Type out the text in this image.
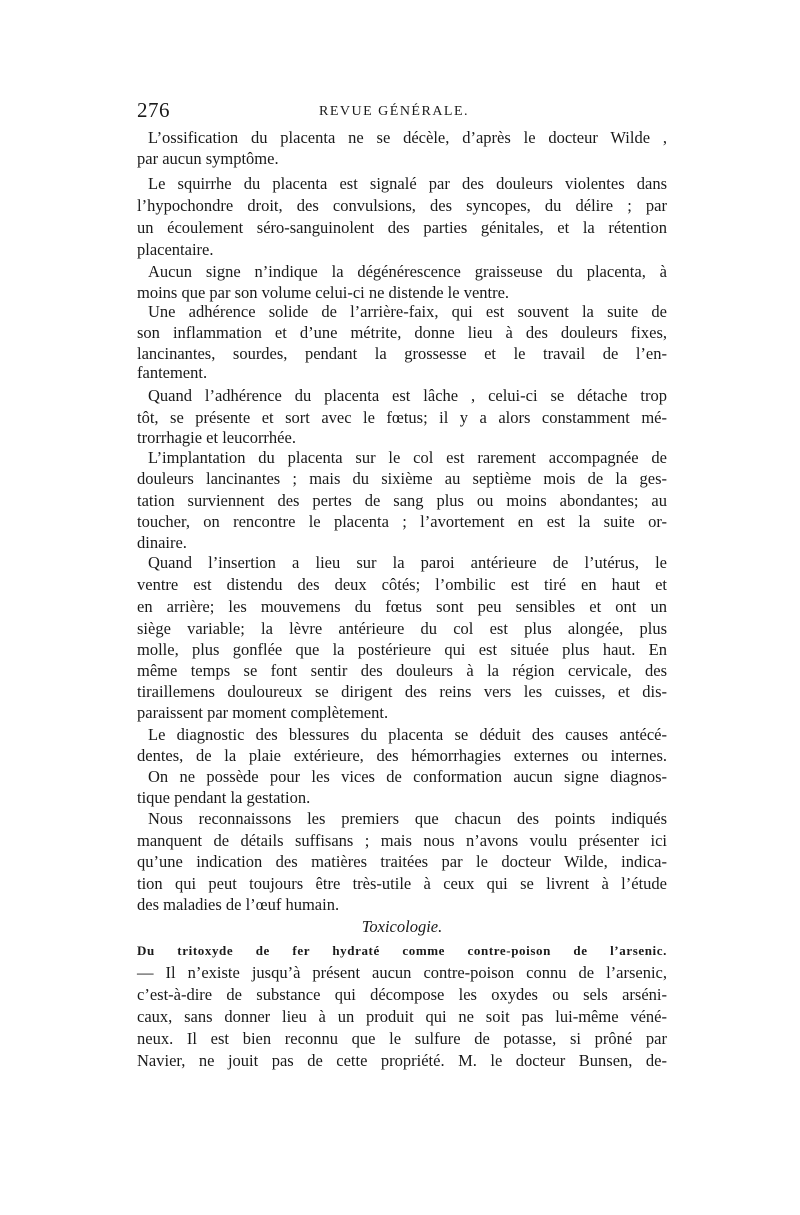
276	REVUE GÉNÉRALE.
L’ossification du placenta ne se décèle, d’après le docteur Wilde ,
par aucun symptôme.
Le squirrhe du placenta est signalé par des douleurs violentes dans
l’hypochondre droit, des convulsions, des syncopes, du délire ; par
un écoulement séro-sanguinolent des parties génitales, et la rétention
placentaire.
Aucun signe n’indique la dégénérescence graisseuse du placenta, à
moins que par son volume celui-ci ne distende le ventre.
Une adhérence solide de l’arrière-faix, qui est souvent la suite de
son inflammation et d’une métrite, donne lieu à des douleurs fixes,
lancinantes, sourdes, pendant la grossesse et le travail de l’en-
fantement.
Quand l’adhérence du placenta est lâche , celui-ci se détache trop
tôt, se présente et sort avec le fœtus; il y a alors constamment mé-
trorrhagie et leucorrhée.
L’implantation du placenta sur le col est rarement accompagnée de
douleurs lancinantes ; mais du sixième au septième mois de la ges-
tation surviennent des pertes de sang plus ou moins abondantes; au
toucher, on rencontre le placenta ; l’avortement en est la suite or-
dinaire.
Quand l’insertion a lieu sur la paroi antérieure de l’utérus, le
ventre est distendu des deux côtés; l’ombilic est tiré en haut et
en arrière; les mouvemens du fœtus sont peu sensibles et ont un
siège variable; la lèvre antérieure du col est plus alongée, plus
molle, plus gonflée que la postérieure qui est située plus haut. En
même temps se font sentir des douleurs à la région cervicale, des
tiraillemens douloureux se dirigent des reins vers les cuisses, et dis-
paraissent par moment complètement.
Le diagnostic des blessures du placenta se déduit des causes antécé-
dentes, de la plaie extérieure, des hémorrhagies externes ou internes.
On ne possède pour les vices de conformation aucun signe diagnos-
tique pendant la gestation.
Nous reconnaissons les premiers que chacun des points indiqués
manquent de détails suffisans ; mais nous n’avons voulu présenter ici
qu’une indication des matières traitées par le docteur Wilde, indica-
tion qui peut toujours être très-utile à ceux qui se livrent à l’étude
des maladies de l’œuf humain.
Toxicologie.
Du tritoxyde de fer hydraté comme contre-poison de l’arsenic.
— Il n’existe jusqu’à présent aucun contre-poison connu de l’arsenic,
c’est-à-dire de substance qui décompose les oxydes ou sels arséni-
caux, sans donner lieu à un produit qui ne soit pas lui-même véné-
neux. Il est bien reconnu que le sulfure de potasse, si prôné par
Navier, ne jouit pas de cette propriété. M. le docteur Bunsen, de-
